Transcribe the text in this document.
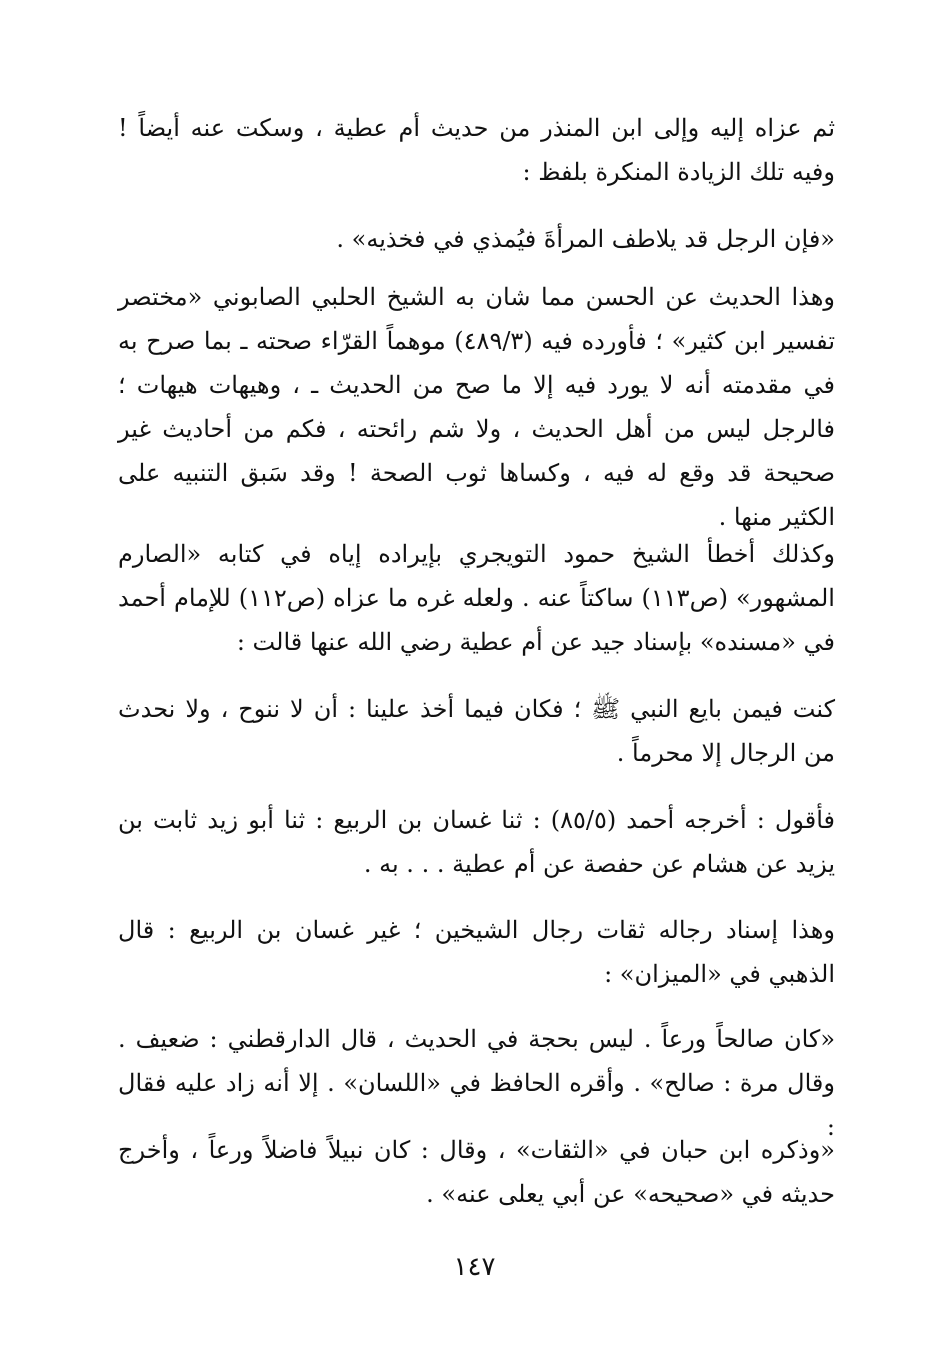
ثم عزاه إليه وإلى ابن المنذر من حديث أم عطية ، وسكت عنه أيضاً ! وفيه تلك الزيادة المنكرة بلفظ :

«فإن الرجل قد يلاطف المرأةَ فيُمذي في فخذيه» .

وهذا الحديث عن الحسن مما شان به الشيخ الحلبي الصابوني «مختصر تفسير ابن كثير» ؛ فأورده فيه (٤٨٩/٣) موهماً القرّاء صحته ـ بما صرح به في مقدمته أنه لا يورد فيه إلا ما صح من الحديث ـ ، وهيهات هيهات ؛ فالرجل ليس من أهل الحديث ، ولا شم رائحته ، فكم من أحاديث غير صحيحة قد وقع له فيه ، وكساها ثوب الصحة ! وقد سَبق التنبيه على الكثير منها .

وكذلك أخطأ الشيخ حمود التويجري بإيراده إياه في كتابه «الصارم المشهور» (ص١١٣) ساكتاً عنه . ولعله غره ما عزاه (ص١١٢) للإمام أحمد في «مسنده» بإسناد جيد عن أم عطية رضي الله عنها قالت :

كنت فيمن بايع النبي ﷺ ؛ فكان فيما أخذ علينا : أن لا ننوح ، ولا نحدث من الرجال إلا محرماً .

فأقول : أخرجه أحمد (٨٥/٥) : ثنا غسان بن الربيع : ثنا أبو زيد ثابت بن يزيد عن هشام عن حفصة عن أم عطية . . . به .

وهذا إسناد رجاله ثقات رجال الشيخين ؛ غير غسان بن الربيع : قال الذهبي في «الميزان» :

«كان صالحاً ورعاً . ليس بحجة في الحديث ، قال الدارقطني : ضعيف . وقال مرة : صالح» . وأقره الحافظ في «اللسان» . إلا أنه زاد عليه فقال :

«وذكره ابن حبان في «الثقات» ، وقال : كان نبيلاً فاضلاً ورعاً ، وأخرج حديثه في «صحيحه» عن أبي يعلى عنه» .

١٤٧
